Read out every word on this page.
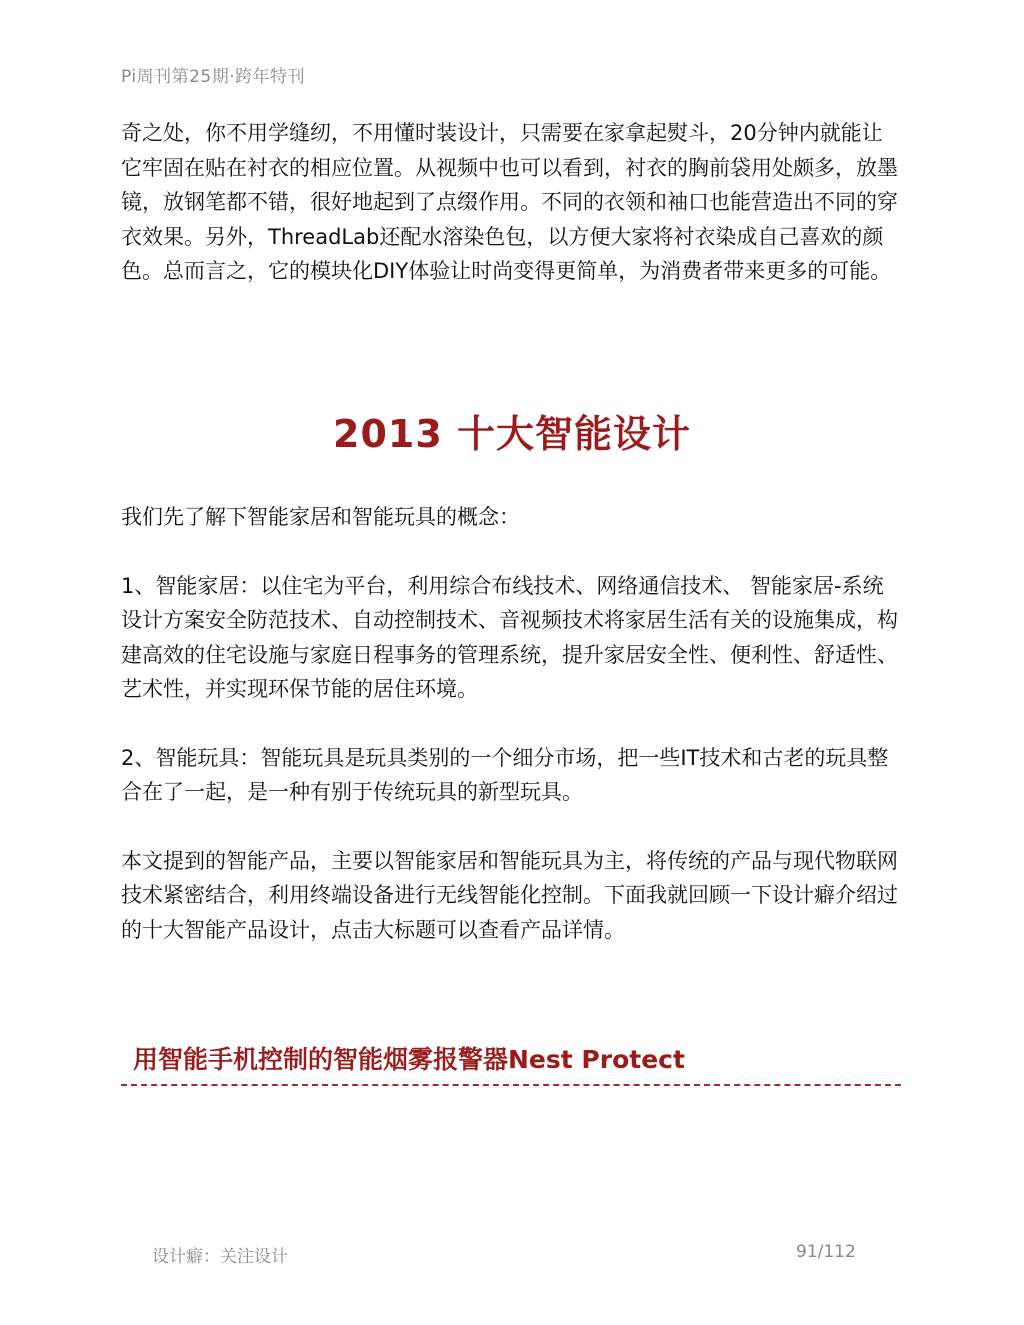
Pi周刊第25期·跨年特刊

奇之处，你不用学缝纫，不用懂时装设计，只需要在家拿起熨斗，20分钟内就能让它牢固在贴在衬衣的相应位置。从视频中也可以看到，衬衣的胸前袋用处颇多，放墨镜，放钢笔都不错，很好地起到了点缀作用。不同的衣领和袖口也能营造出不同的穿衣效果。另外，ThreadLab还配水溶染色包，以方便大家将衬衣染成自己喜欢的颜色。总而言之，它的模块化DIY体验让时尚变得更简单，为消费者带来更多的可能。

2013 十大智能设计

我们先了解下智能家居和智能玩具的概念：

1、智能家居：以住宅为平台，利用综合布线技术、网络通信技术、 智能家居-系统设计方案安全防范技术、自动控制技术、音视频技术将家居生活有关的设施集成，构建高效的住宅设施与家庭日程事务的管理系统，提升家居安全性、便利性、舒适性、艺术性，并实现环保节能的居住环境。

2、智能玩具：智能玩具是玩具类别的一个细分市场，把一些IT技术和古老的玩具整合在了一起，是一种有别于传统玩具的新型玩具。

本文提到的智能产品，主要以智能家居和智能玩具为主，将传统的产品与现代物联网技术紧密结合，利用终端设备进行无线智能化控制。下面我就回顾一下设计癖介绍过的十大智能产品设计，点击大标题可以查看产品详情。

用智能手机控制的智能烟雾报警器Nest Protect
设计癖：关注设计	91/112
